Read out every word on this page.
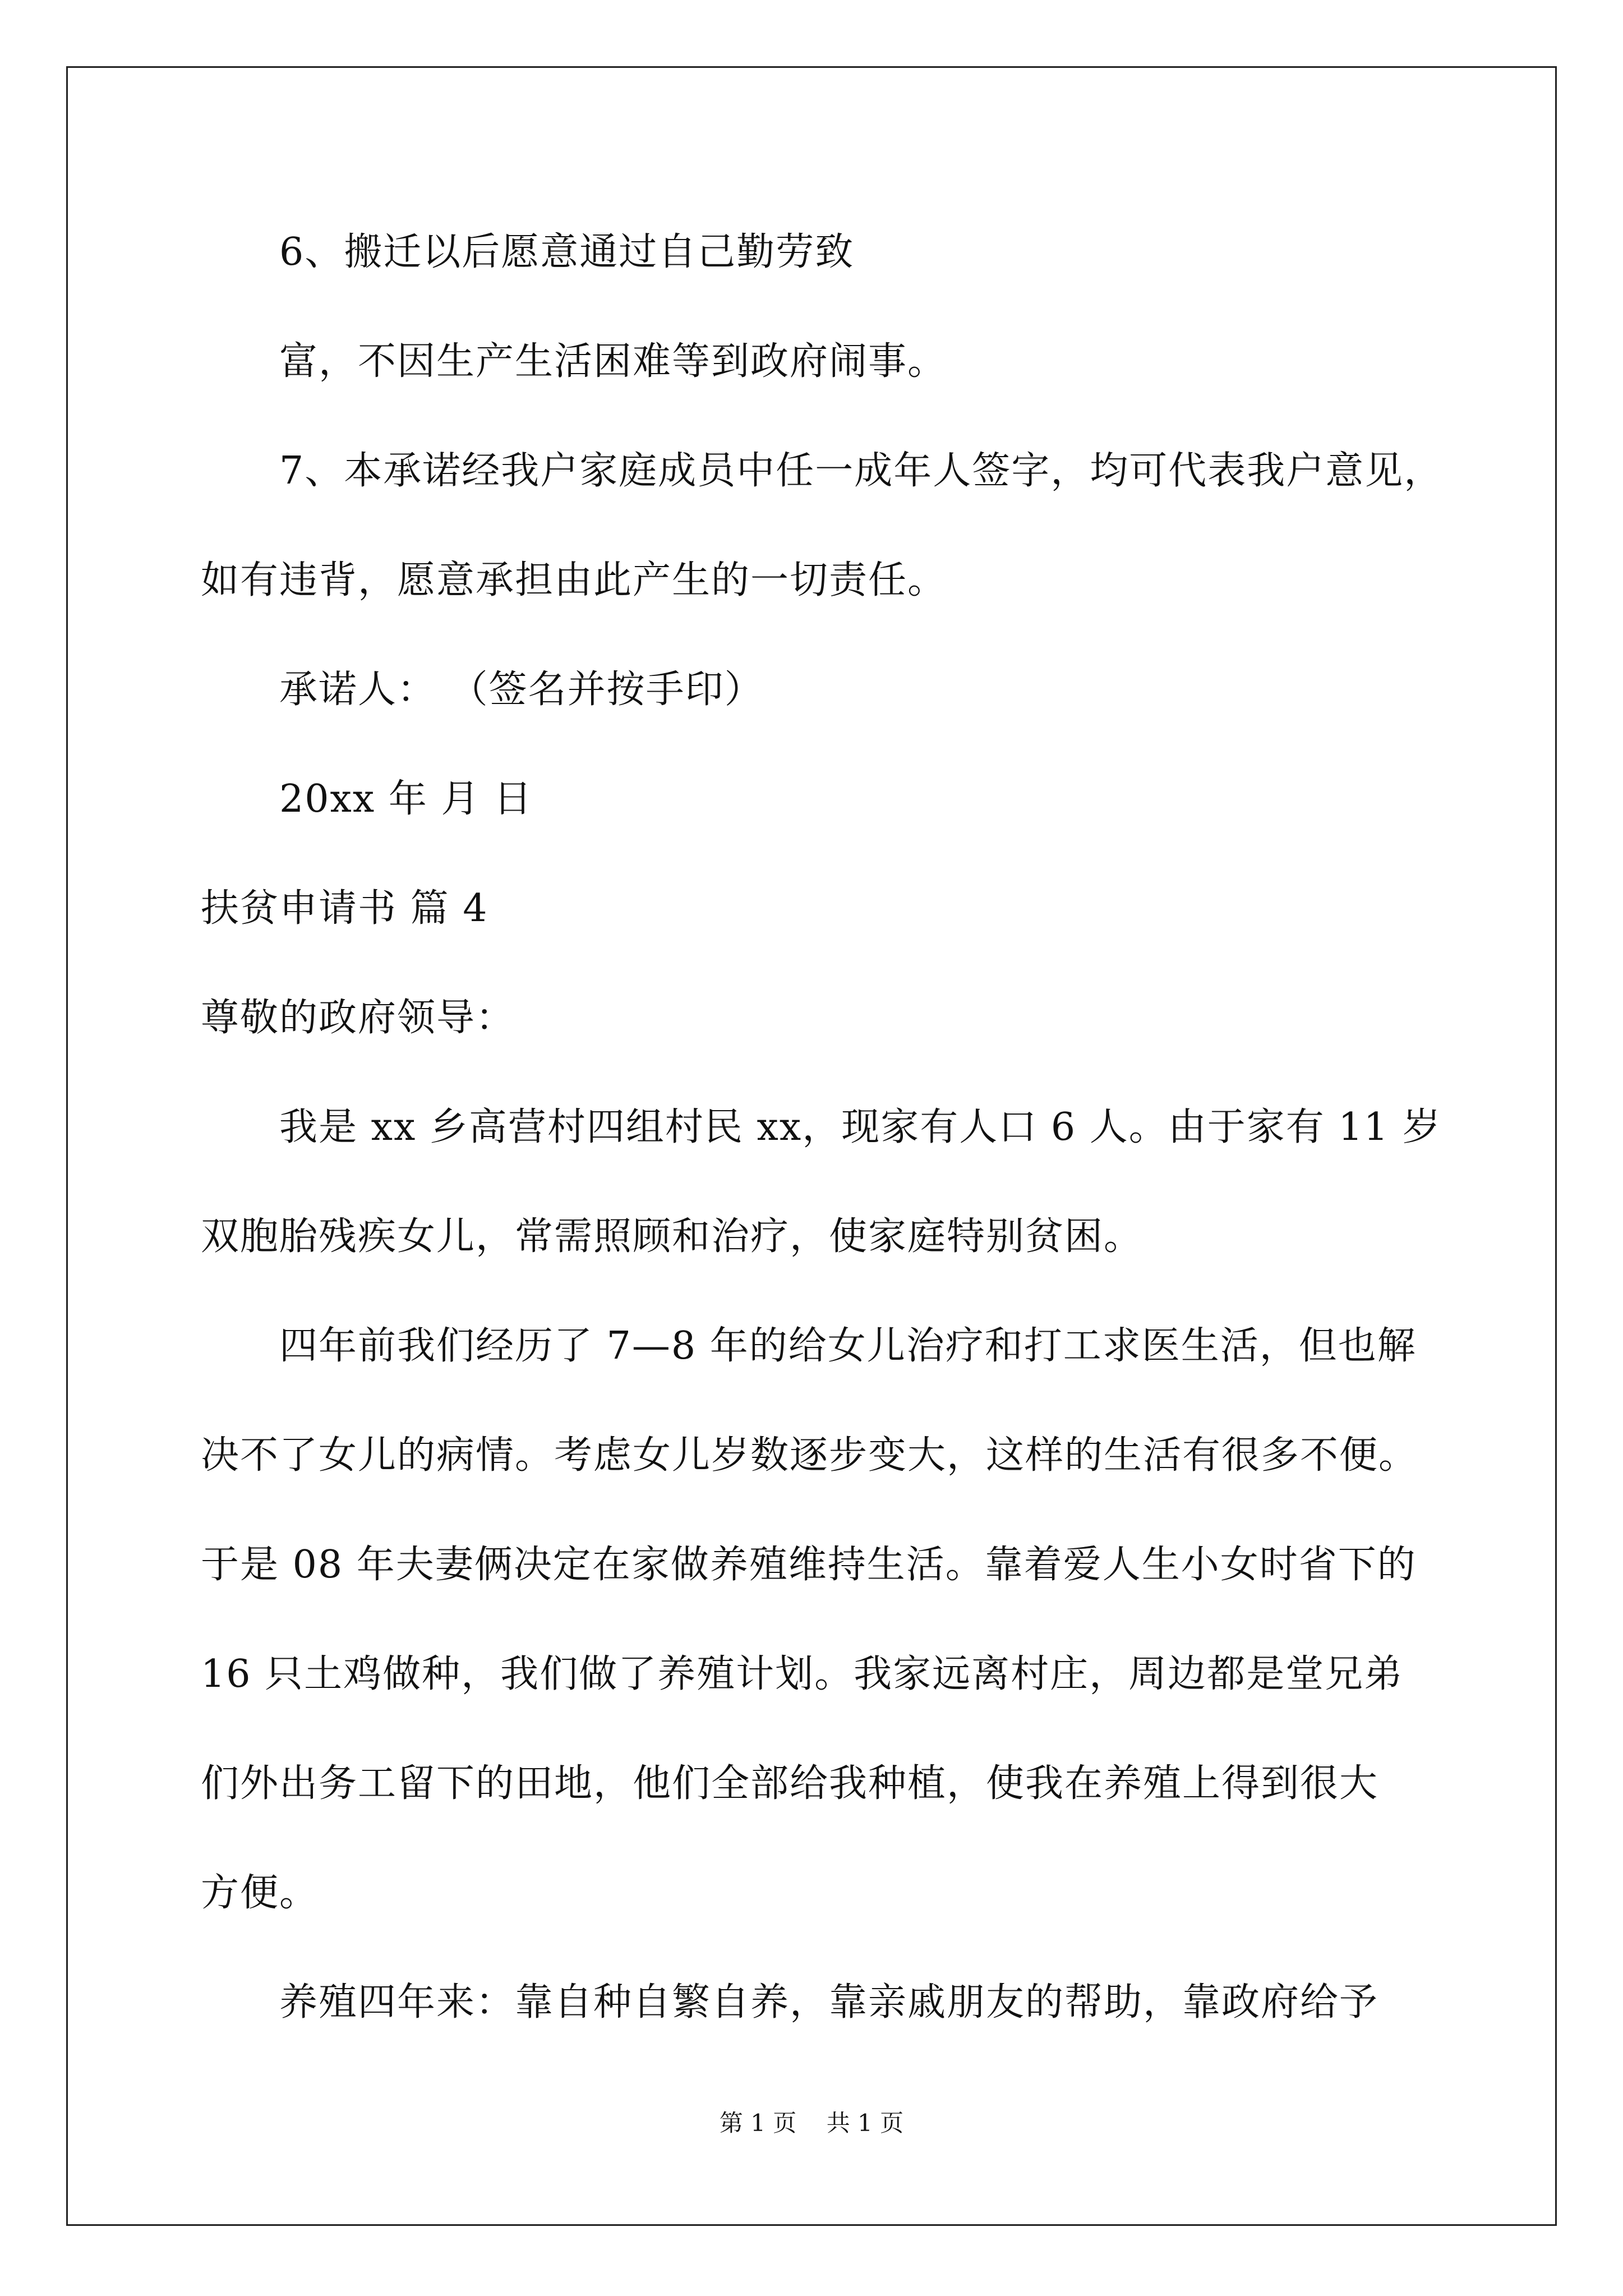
6、搬迁以后愿意通过自己勤劳致
富，不因生产生活困难等到政府闹事。
7、本承诺经我户家庭成员中任一成年人签字，均可代表我户意见，
如有违背，愿意承担由此产生的一切责任。
承诺人： （签名并按手印）
20xx 年 月 日
扶贫申请书 篇 4
尊敬的政府领导：
我是 xx 乡高营村四组村民 xx，现家有人口 6 人。由于家有 11 岁
双胞胎残疾女儿，常需照顾和治疗，使家庭特别贫困。
四年前我们经历了 7—8 年的给女儿治疗和打工求医生活，但也解
决不了女儿的病情。考虑女儿岁数逐步变大，这样的生活有很多不便。
于是 08 年夫妻俩决定在家做养殖维持生活。靠着爱人生小女时省下的
16 只土鸡做种，我们做了养殖计划。我家远离村庄，周边都是堂兄弟
们外出务工留下的田地，他们全部给我种植，使我在养殖上得到很大
方便。
养殖四年来：靠自种自繁自养，靠亲戚朋友的帮助，靠政府给予
第 1 页    共 1 页
